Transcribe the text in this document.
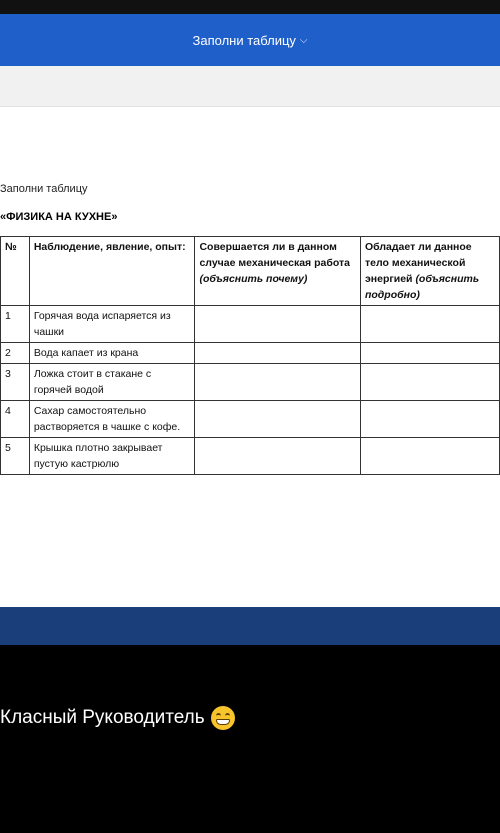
Заполни таблицу ⌵
Заполни таблицу
«ФИЗИКА НА КУХНЕ»
№	Наблюдение, явление, опыт:	Совершается ли в данном случае механическая работа (объяснить почему)	Обладает ли данное тело механической энергией (объяснить подробно)
1	Горячая вода испаряется из чашки		
2	Вода капает из крана		
3	Ложка стоит в стакане с горячей водой		
4	Сахар самостоятельно растворяется в чашке с кофе.		
5	Крышка плотно закрывает пустую кастрюлю		
Класный Руководитель
